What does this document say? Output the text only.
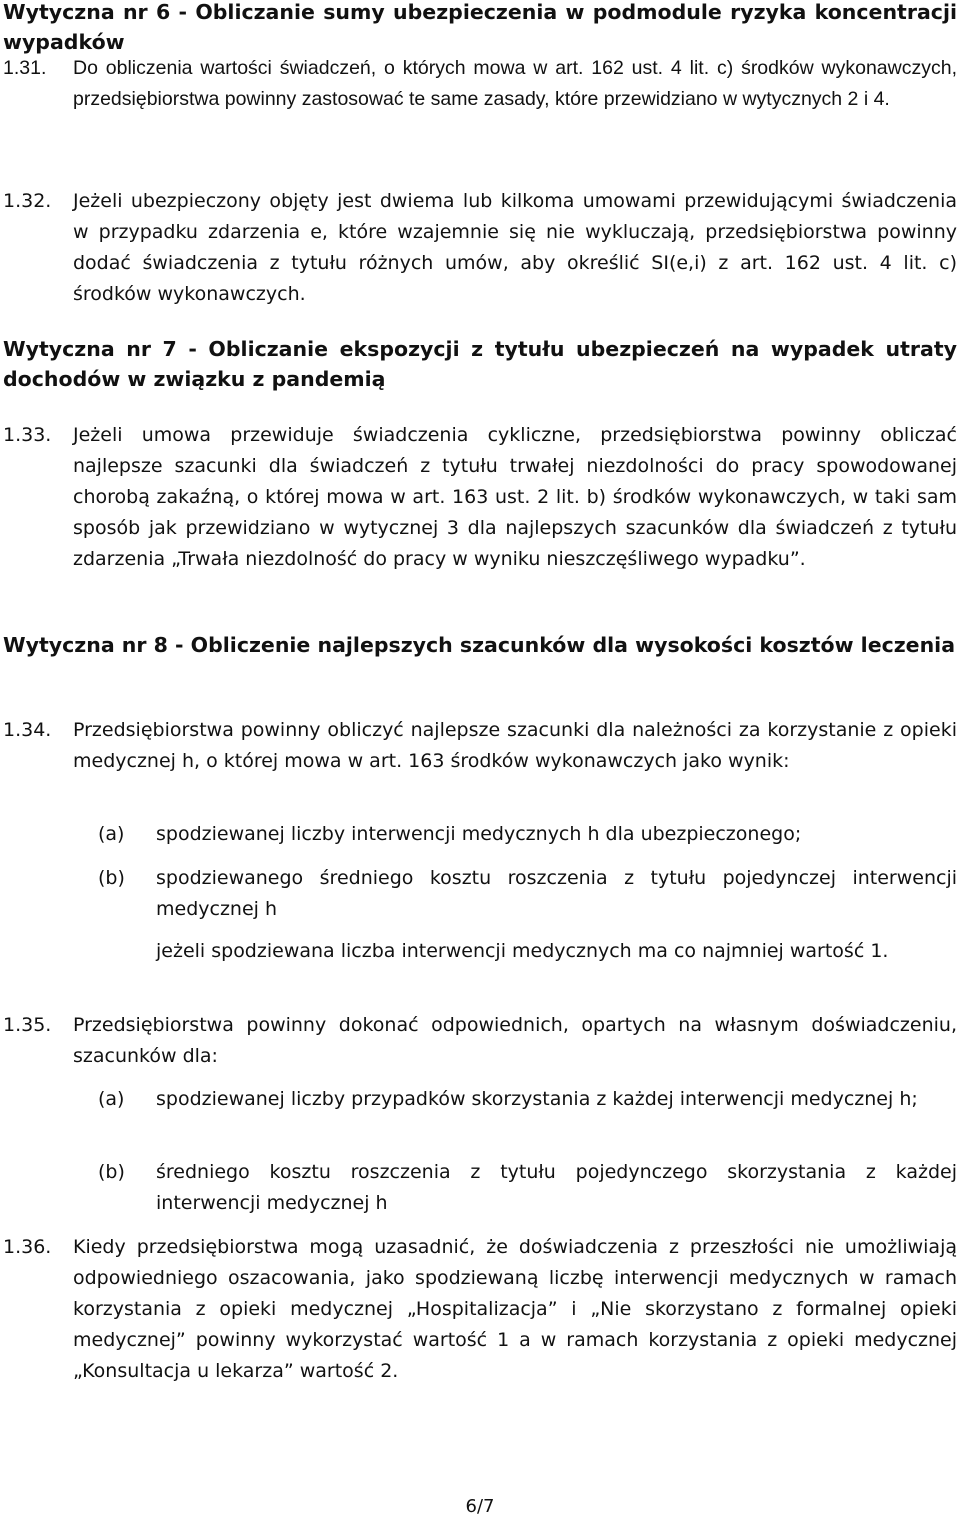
Wytyczna nr 6 - Obliczanie sumy ubezpieczenia w podmodule ryzyka koncentracji wypadków
1.31. Do obliczenia wartości świadczeń, o których mowa w art. 162 ust. 4 lit. c) środków wykonawczych, przedsiębiorstwa powinny zastosować te same zasady, które przewidziano w wytycznych 2 i 4.
1.32. Jeżeli ubezpieczony objęty jest dwiema lub kilkoma umowami przewidującymi świadczenia w przypadku zdarzenia e, które wzajemnie się nie wykluczają, przedsiębiorstwa powinny dodać świadczenia z tytułu różnych umów, aby określić SI(e,i) z art. 162 ust. 4 lit. c) środków wykonawczych.
Wytyczna nr 7 - Obliczanie ekspozycji z tytułu ubezpieczeń na wypadek utraty dochodów w związku z pandemią
1.33. Jeżeli umowa przewiduje świadczenia cykliczne, przedsiębiorstwa powinny obliczać najlepsze szacunki dla świadczeń z tytułu trwałej niezdolności do pracy spowodowanej chorobą zakaźną, o której mowa w art. 163 ust. 2 lit. b) środków wykonawczych, w taki sam sposób jak przewidziano w wytycznej 3 dla najlepszych szacunków dla świadczeń z tytułu zdarzenia „Trwała niezdolność do pracy w wyniku nieszczęśliwego wypadku”.
Wytyczna nr 8 - Obliczenie najlepszych szacunków dla wysokości kosztów leczenia
1.34. Przedsiębiorstwa powinny obliczyć najlepsze szacunki dla należności za korzystanie z opieki medycznej h, o której mowa w art. 163 środków wykonawczych jako wynik:
(a) spodziewanej liczby interwencji medycznych h dla ubezpieczonego;
(b) spodziewanego średniego kosztu roszczenia z tytułu pojedynczej interwencji medycznej h

jeżeli spodziewana liczba interwencji medycznych ma co najmniej wartość 1.

1.35. Przedsiębiorstwa powinny dokonać odpowiednich, opartych na własnym doświadczeniu, szacunków dla:
(a) spodziewanej liczby przypadków skorzystania z każdej interwencji medycznej h;
(b) średniego kosztu roszczenia z tytułu pojedynczego skorzystania z każdej interwencji medycznej h
1.36. Kiedy przedsiębiorstwa mogą uzasadnić, że doświadczenia z przeszłości nie umożliwiają odpowiedniego oszacowania, jako spodziewaną liczbę interwencji medycznych w ramach korzystania z opieki medycznej „Hospitalizacja” i „Nie skorzystano z formalnej opieki medycznej” powinny wykorzystać wartość 1 a w ramach korzystania z opieki medycznej „Konsultacja u lekarza” wartość 2.

6/7
